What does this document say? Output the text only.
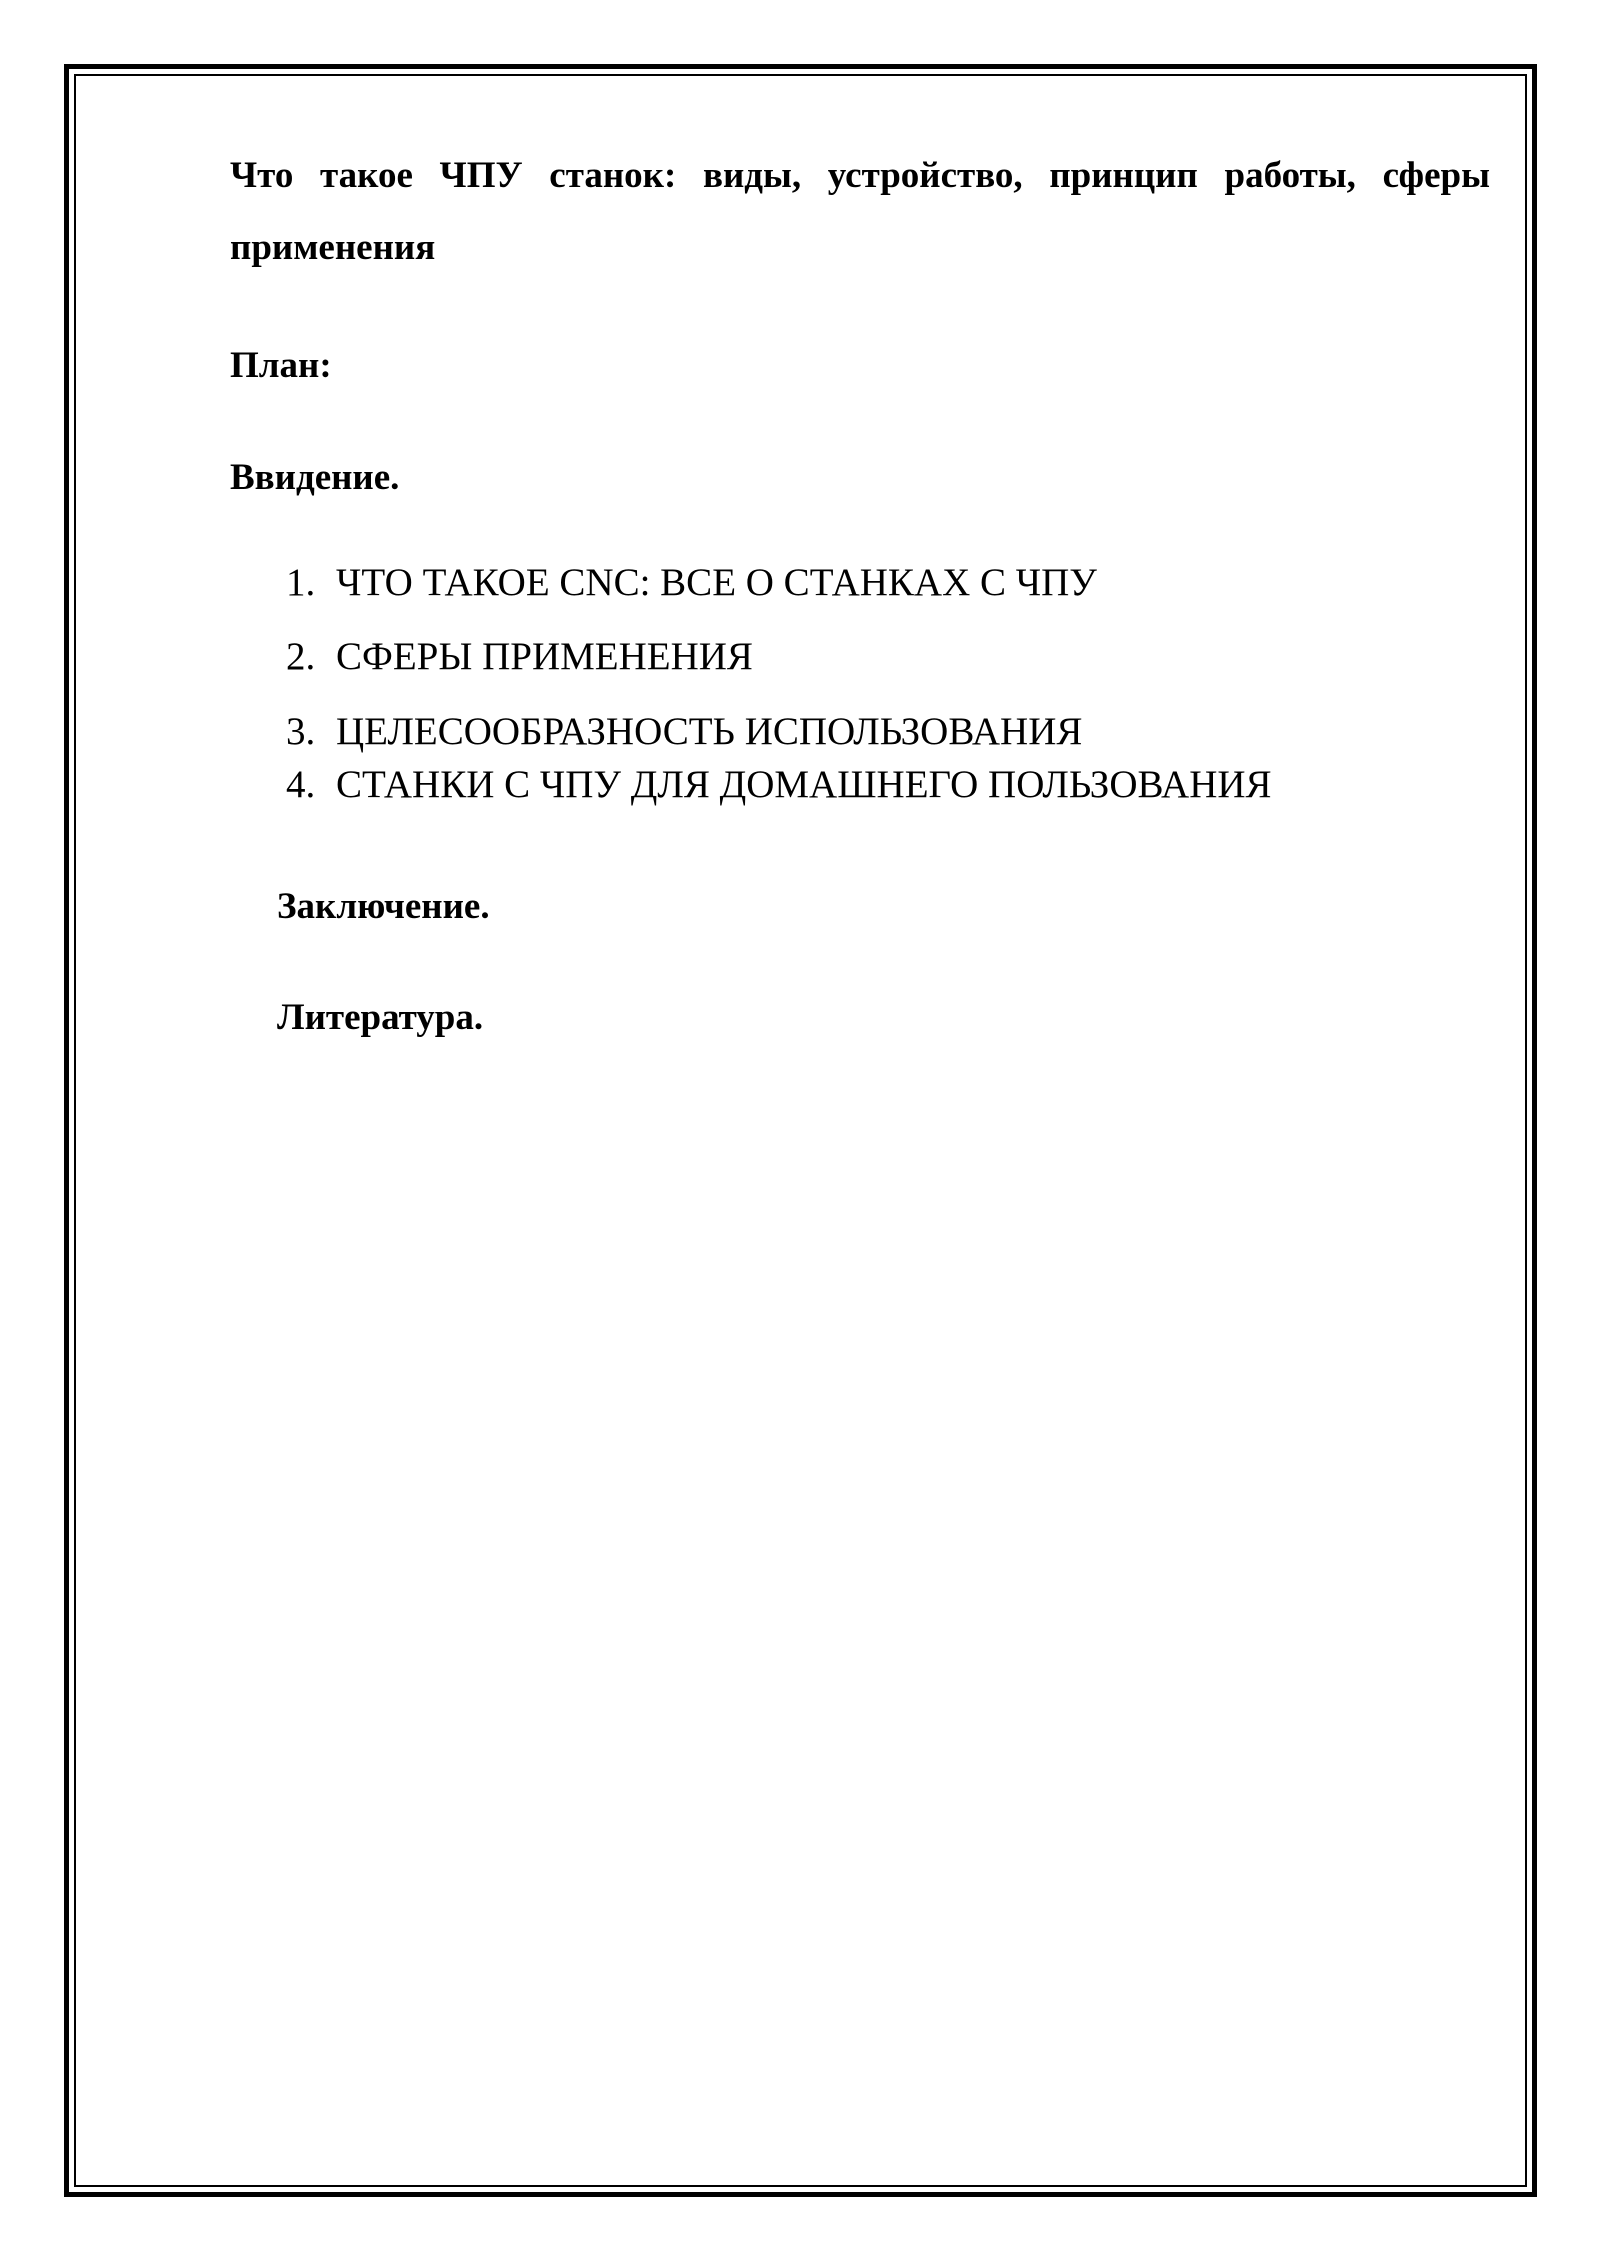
Что такое ЧПУ станок: виды, устройство, принцип работы, сферы применения

План:

Ввидение.

1. ЧТО ТАКОЕ CNC: ВСЕ О СТАНКАХ С ЧПУ
2. СФЕРЫ ПРИМЕНЕНИЯ
3. ЦЕЛЕСООБРАЗНОСТЬ ИСПОЛЬЗОВАНИЯ
4. СТАНКИ С ЧПУ ДЛЯ ДОМАШНЕГО ПОЛЬЗОВАНИЯ

Заключение.

Литература.
